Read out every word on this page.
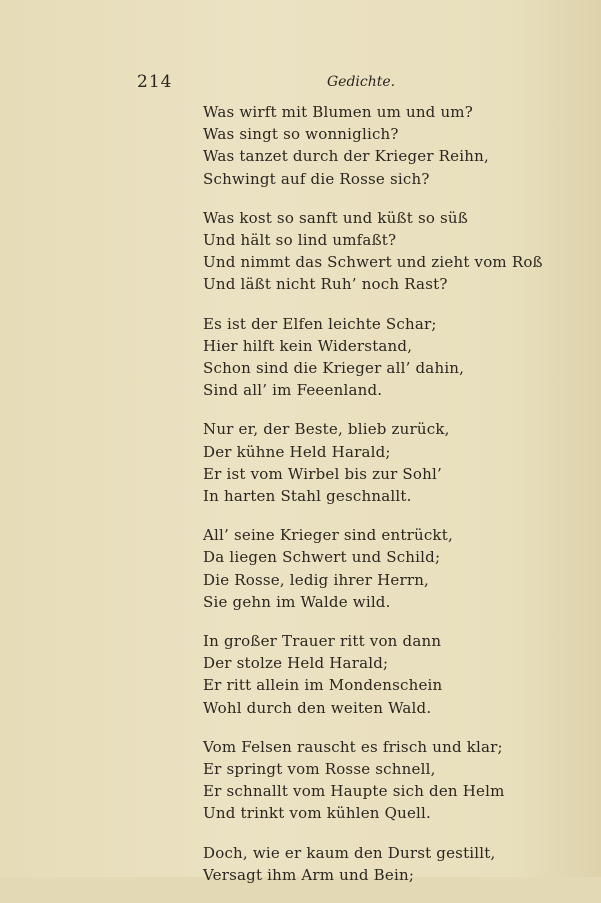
214	Gedichte.
Was wirft mit Blumen um und um?
Was singt so wonniglich?
Was tanzet durch der Krieger Reihn,
Schwingt auf die Rosse sich?
Was kost so sanft und küßt so süß
Und hält so lind umfaßt?
Und nimmt das Schwert und zieht vom Roß
Und läßt nicht Ruh’ noch Rast?
Es ist der Elfen leichte Schar;
Hier hilft kein Widerstand,
Schon sind die Krieger all’ dahin,
Sind all’ im Feeenland.
Nur er, der Beste, blieb zurück,
Der kühne Held Harald;
Er ist vom Wirbel bis zur Sohl’
In harten Stahl geschnallt.
All’ seine Krieger sind entrückt,
Da liegen Schwert und Schild;
Die Rosse, ledig ihrer Herrn,
Sie gehn im Walde wild.
In großer Trauer ritt von dann
Der stolze Held Harald;
Er ritt allein im Mondenschein
Wohl durch den weiten Wald.
Vom Felsen rauscht es frisch und klar;
Er springt vom Rosse schnell,
Er schnallt vom Haupte sich den Helm
Und trinkt vom kühlen Quell.
Doch, wie er kaum den Durst gestillt,
Versagt ihm Arm und Bein;
